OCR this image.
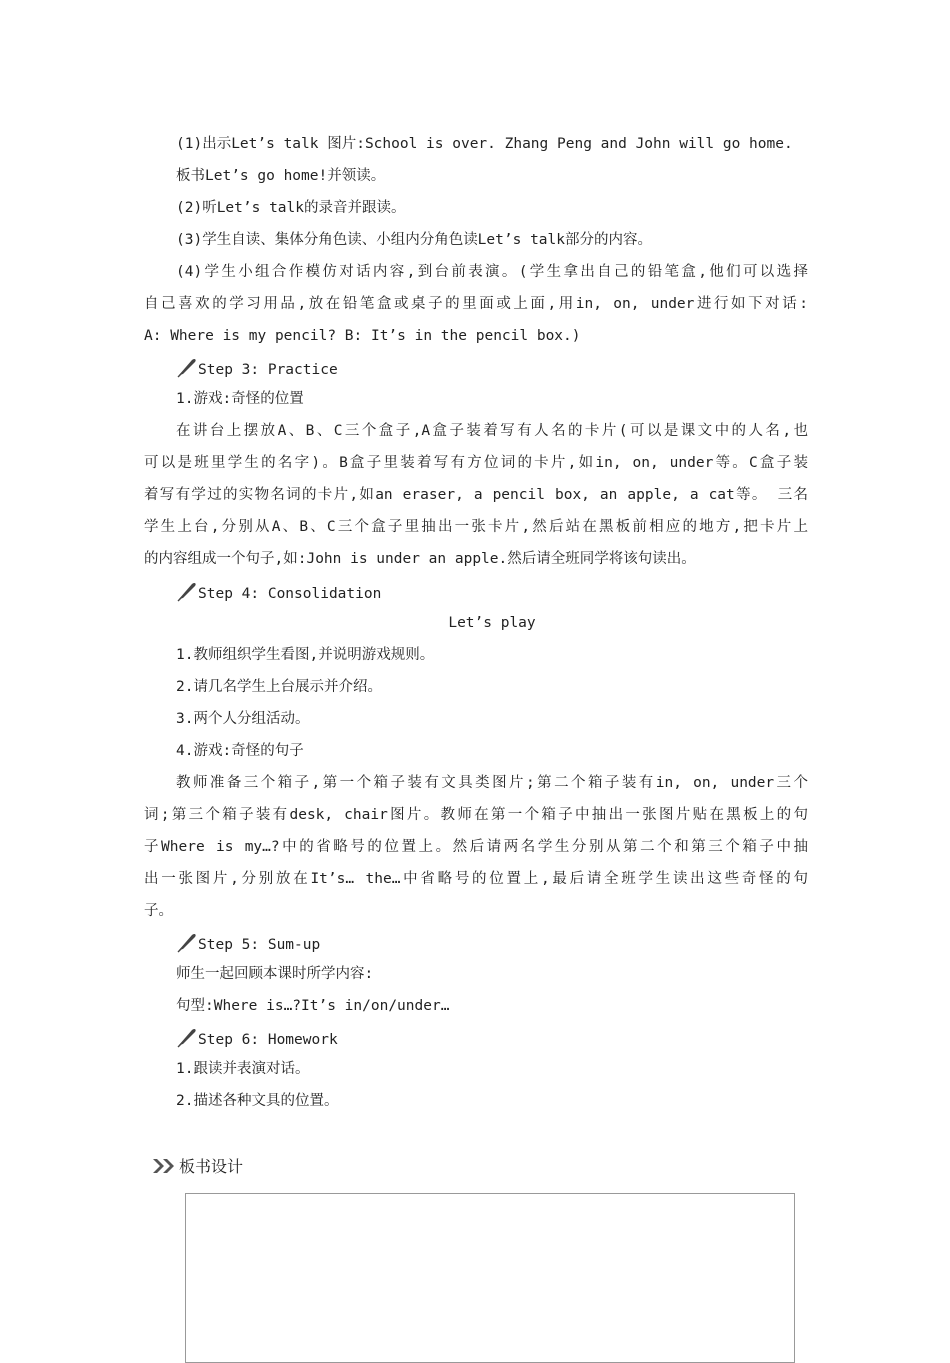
(1)出示Let’s talk 图片:School is over. Zhang Peng and John will go home.
板书Let’s go home!并领读。
(2)听Let’s talk的录音并跟读。
(3)学生自读、集体分角色读、小组内分角色读Let’s talk部分的内容。
(4)学生小组合作模仿对话内容,到台前表演。(学生拿出自己的铅笔盒,他们可以选择
自己喜欢的学习用品,放在铅笔盒或桌子的里面或上面,用in, on, under进行如下对话:
A: Where is my pencil? B: It’s in the pencil box.)
Step 3: Practice
1.游戏:奇怪的位置
在讲台上摆放A、B、C三个盒子,A盒子装着写有人名的卡片(可以是课文中的人名,也
可以是班里学生的名字)。B盒子里装着写有方位词的卡片,如in, on, under等。C盒子装
着写有学过的实物名词的卡片,如an eraser, a pencil box, an apple, a cat等。 三名
学生上台,分别从A、B、C三个盒子里抽出一张卡片,然后站在黑板前相应的地方,把卡片上
的内容组成一个句子,如:John is under an apple.然后请全班同学将该句读出。
Step 4: Consolidation
Let’s play
1.教师组织学生看图,并说明游戏规则。
2.请几名学生上台展示并介绍。
3.两个人分组活动。
4.游戏:奇怪的句子
教师准备三个箱子,第一个箱子装有文具类图片;第二个箱子装有in, on, under三个
词;第三个箱子装有desk, chair图片。教师在第一个箱子中抽出一张图片贴在黑板上的句
子Where is my…?中的省略号的位置上。然后请两名学生分别从第二个和第三个箱子中抽
出一张图片,分别放在It’s… the…中省略号的位置上,最后请全班学生读出这些奇怪的句
子。
Step 5: Sum-up
师生一起回顾本课时所学内容:
句型:Where is…?It’s in/on/under…
Step 6: Homework
1.跟读并表演对话。
2.描述各种文具的位置。
板书设计
